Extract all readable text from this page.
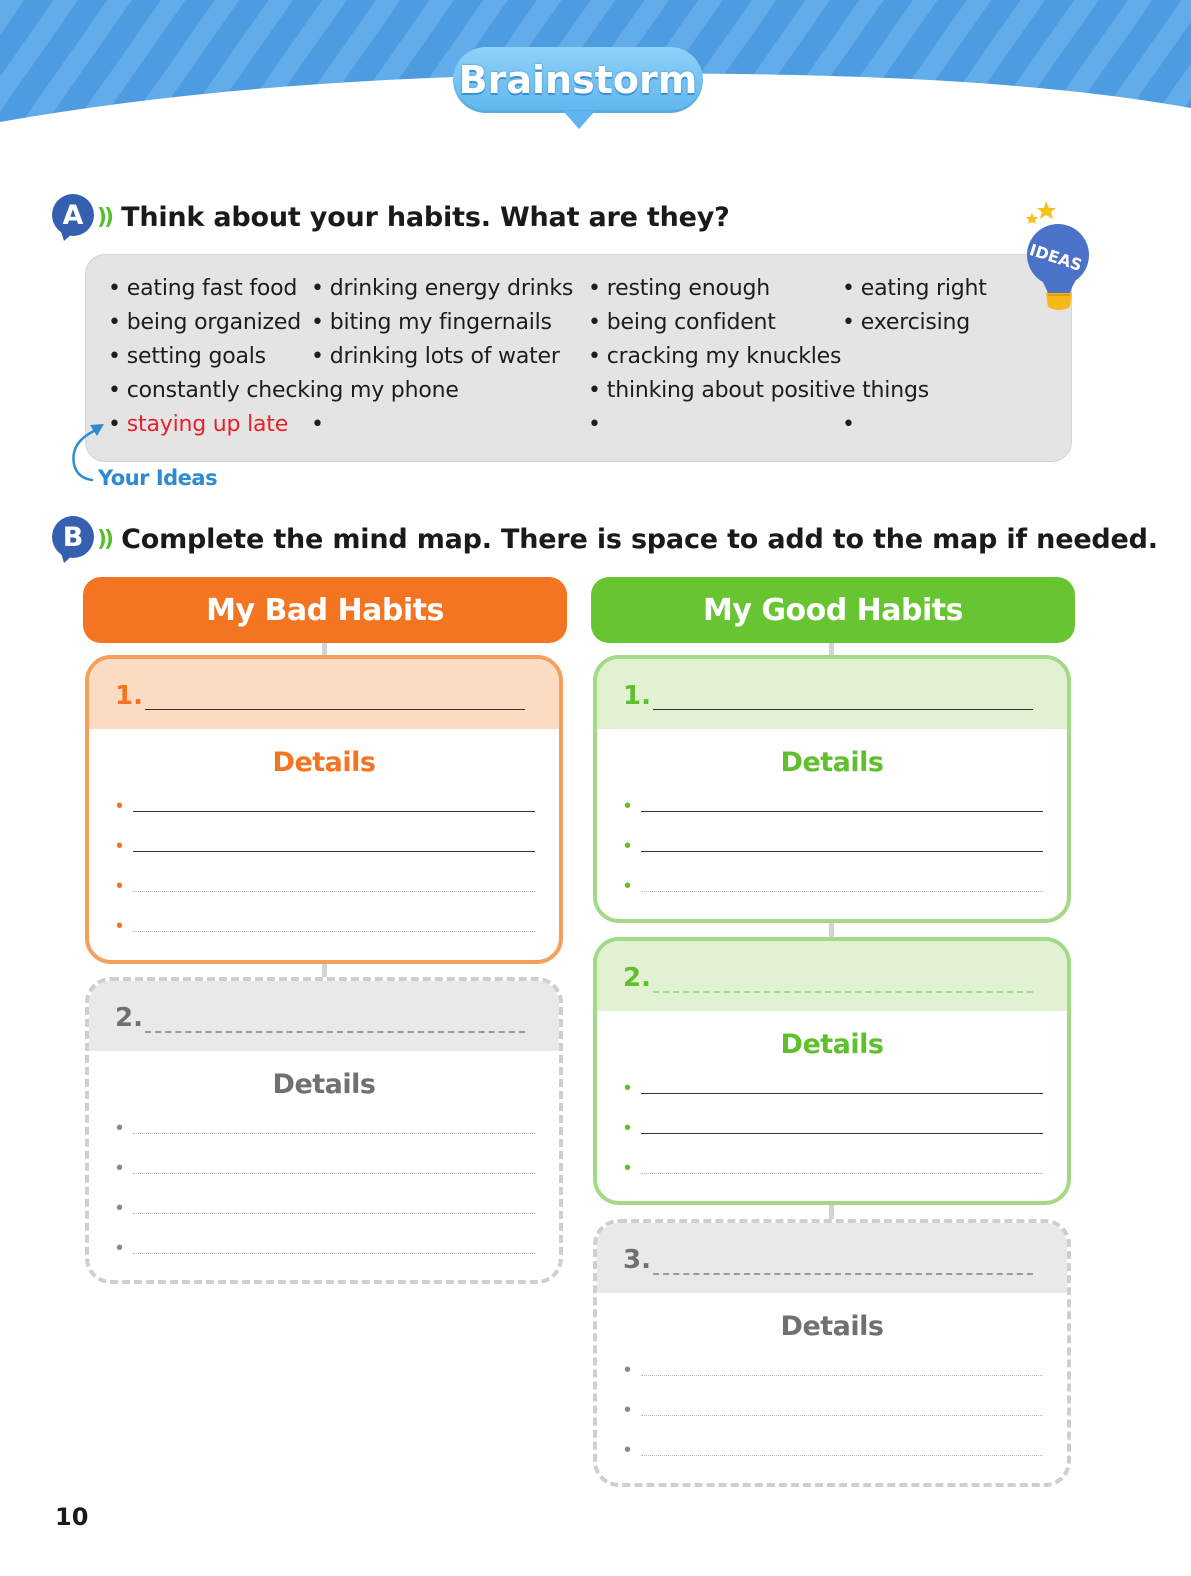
Brainstorm
A )) Think about your habits. What are they?
• eating fast food • drinking energy drinks • resting enough	• eating right
• being organized • biting my fingernails • being confident	• exercising
• setting goals • drinking lots of water • cracking my knuckles
• constantly checking my phone	• thinking about positive things
• staying up late •	•	•
IDEAS
Your Ideas
B )) Complete the mind map. There is space to add to the map if needed.
My Bad Habits	My Good Habits
1.
Details
•
•
•
•
2.
Details
•
•
•
•
1.
Details
•
•
•
2.
Details
•
•
•
3.
Details
•
•
•
10
